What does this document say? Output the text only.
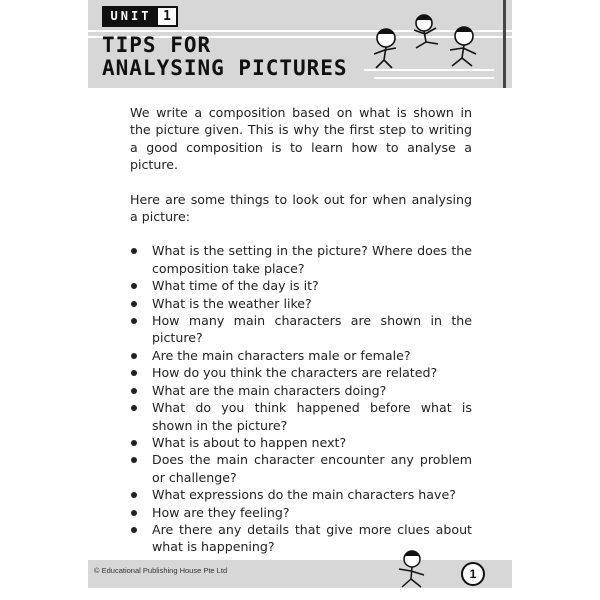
UNIT 1
TIPS FOR
ANALYSING PICTURES

We write a composition based on what is shown in the picture given. This is why the first step to writing a good composition is to learn how to analyse a picture.

Here are some things to look out for when analysing a picture:

What is the setting in the picture? Where does the composition take place?
What time of the day is it?
What is the weather like?
How many main characters are shown in the picture?
Are the main characters male or female?
How do you think the characters are related?
What are the main characters doing?
What do you think happened before what is shown in the picture?
What is about to happen next?
Does the main character encounter any problem or challenge?
What expressions do the main characters have?
How are they feeling?
Are there any details that give more clues about what is happening?
© Educational Publishing House Pte Ltd	1
